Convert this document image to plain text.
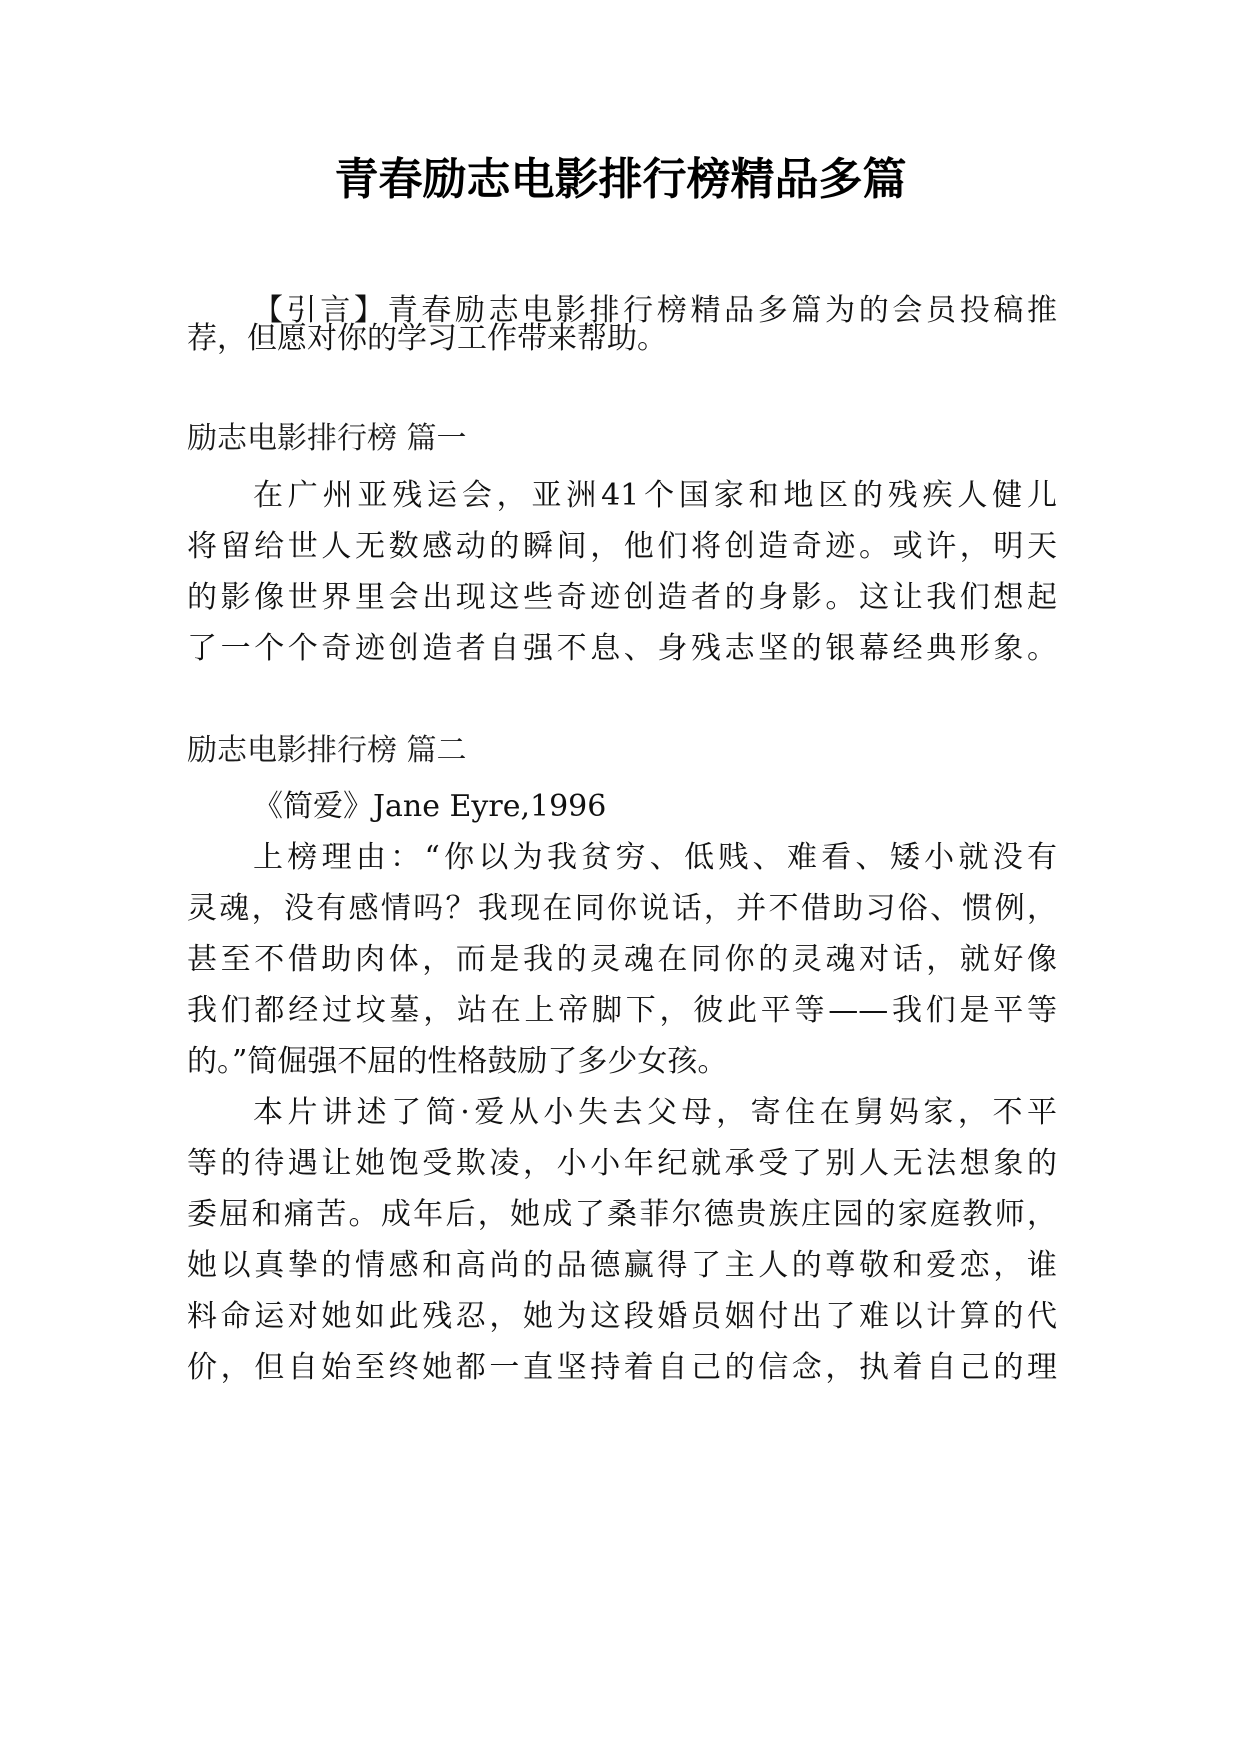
青春励志电影排行榜精品多篇
【引言】青春励志电影排行榜精品多篇为的会员投稿推
荐，但愿对你的学习工作带来帮助。
励志电影排行榜 篇一
在广州亚残运会，亚洲41个国家和地区的残疾人健儿
将留给世人无数感动的瞬间，他们将创造奇迹。或许，明天
的影像世界里会出现这些奇迹创造者的身影。这让我们想起
了一个个奇迹创造者自强不息、身残志坚的银幕经典形象。
励志电影排行榜 篇二
《简爱》Jane Eyre,1996
上榜理由：“你以为我贫穷、低贱、难看、矮小就没有
灵魂，没有感情吗？我现在同你说话，并不借助习俗、惯例，
甚至不借助肉体，而是我的灵魂在同你的灵魂对话，就好像
我们都经过坟墓，站在上帝脚下，彼此平等——我们是平等
的。”简倔强不屈的性格鼓励了多少女孩。
本片讲述了简·爱从小失去父母，寄住在舅妈家，不平
等的待遇让她饱受欺凌，小小年纪就承受了别人无法想象的
委屈和痛苦。成年后，她成了桑菲尔德贵族庄园的家庭教师，
她以真挚的情感和高尚的品德赢得了主人的尊敬和爱恋，谁
料命运对她如此残忍，她为这段婚员姻付出了难以计算的代
价，但自始至终她都一直坚持着自己的信念，执着自己的理
